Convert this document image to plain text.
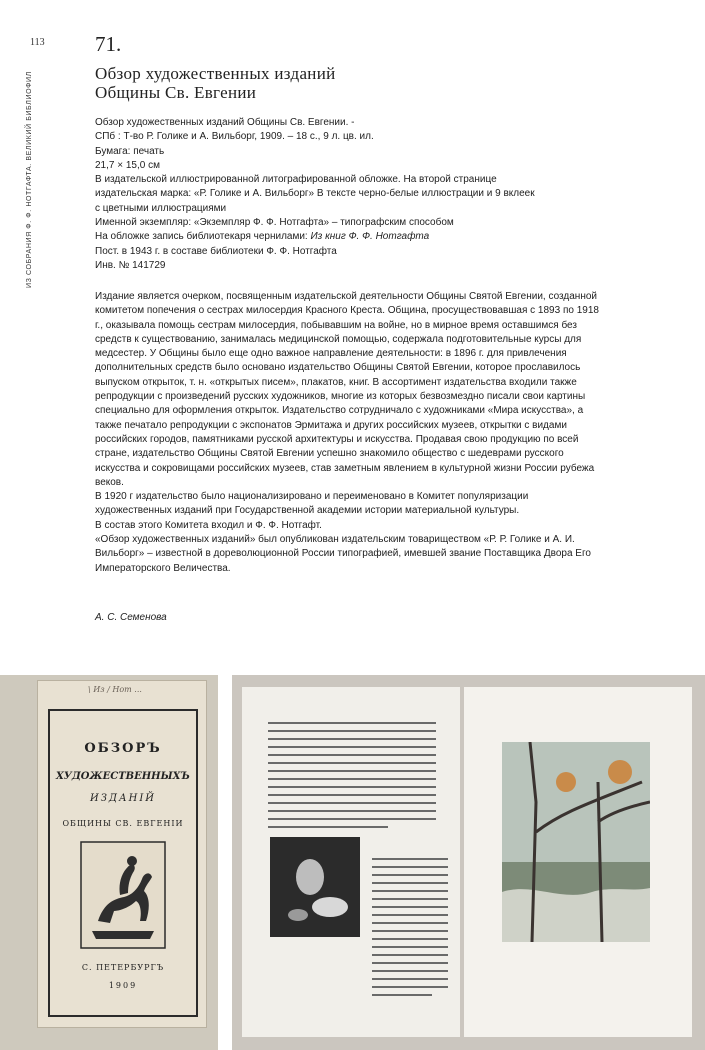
113
ИЗ СОБРАНИЯ Ф. Ф. НОТГАФТА. ВЕЛИКИЙ БИБЛИОФИЛ
71.
Обзор художественных изданий
Общины Св. Евгении
Обзор художественных изданий Общины Св. Евгении. -
СПб : Т-во Р. Голике и А. Вильборг, 1909. – 18 с., 9 л. цв. ил.
Бумага: печать
21,7 × 15,0 см
В издательской иллюстрированной литографированной обложке. На второй странице
издательская марка: «Р. Голике и А. Вильборг» В тексте черно-белые иллюстрации и 9 вклеек
с цветными иллюстрациями
Именной экземпляр: «Экземпляр Ф. Ф. Нотгафта» – типографским способом
На обложке запись библиотекаря чернилами: Из книг Ф. Ф. Нотгафта
Пост. в 1943 г. в составе библиотеки Ф. Ф. Нотгафта
Инв. № 141729

Издание является очерком, посвященным издательской деятельности Общины Святой Евгении, созданной комитетом попечения о сестрах милосердия Красного Креста. Община, просуществовавшая с 1893 по 1918 г., оказывала помощь сестрам милосердия, побывавшим на войне, но в мирное время оставшимся без средств к существованию, занималась медицинской помощью, содержала подготовительные курсы для медсестер. У Общины было еще одно важное направление деятельности: в 1896 г. для привлечения дополнительных средств было основано издательство Общины Святой Евгении, которое прославилось выпуском открыток, т. н. «открытых писем», плакатов, книг. В ассортимент издательства входили также репродукции с произведений русских художников, многие из которых безвозмездно писали свои картины специально для оформления открыток. Издательство сотрудничало с художниками «Мира искусства», а также печатало репродукции с экспонатов Эрмитажа и других российских музеев, открытки с видами российских городов, памятниками русской архитектуры и искусства. Продавая свою продукцию по всей стране, издательство Общины Святой Евгении успешно знакомило общество с шедеврами русского искусства и сокровищами российских музеев, став заметным явлением в культурной жизни России рубежа веков.

В 1920 г издательство было национализировано и переименовано в Комитет популяризации художественных изданий при Государственной академии истории материальной культуры.

В состав этого Комитета входил и Ф. Ф. Нотгафт.

«Обзор художественных изданий» был опубликован издательским товариществом «Р. Р. Голике и А. И. Вильборг» – известной в дореволюционной России типографией, имевшей звание Поставщика Двора Его Императорского Величества.

А. С. Семенова
\ Из / Нот ...
ОБЗОРЪ
ХУДОЖЕСТВЕННЫХЪ
ИЗДАНIЙ
ОБЩИНЫ СВ. ЕВГЕНIИ
С. ПЕТЕРБУРГЪ
1909
